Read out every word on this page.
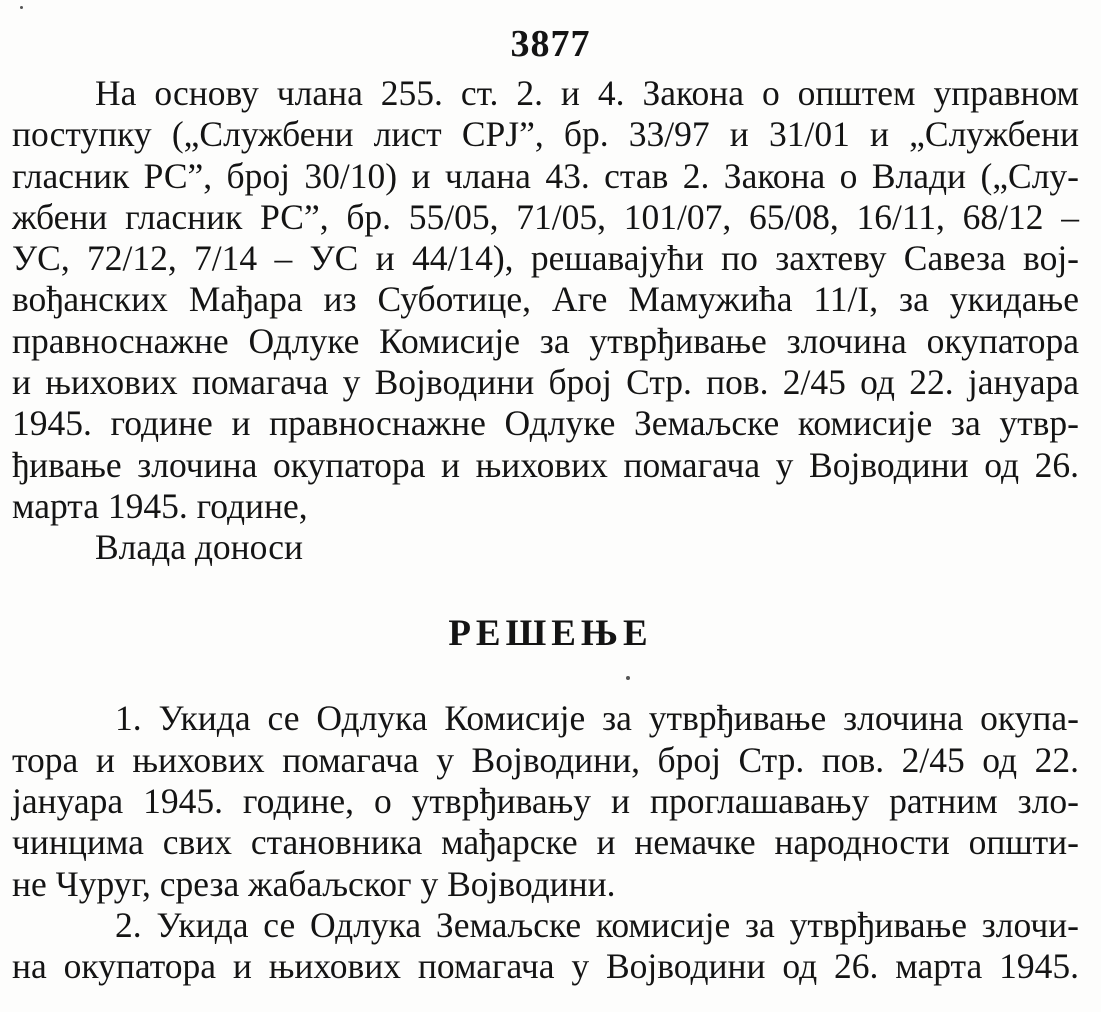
3877

На основу члана 255. ст. 2. и 4. Закона о општем управном

поступку („Службени лист СРЈ”, бр. 33/97 и 31/01 и „Службени

гласник РС”, број 30/10) и члана 43. став 2. Закона о Влади („Слу-

жбени гласник РС”, бр. 55/05, 71/05, 101/07, 65/08, 16/11, 68/12 –

УС, 72/12, 7/14 – УС и 44/14), решавајући по захтеву Савеза вој-

вођанских Мађара из Суботице, Аге Мамужића 11/I, за укидање

правноснажне Одлуке Комисије за утврђивање злочина окупатора

и њихових помагача у Војводини број Стр. пов. 2/45 од 22. јануара

1945. године и правноснажне Одлуке Земаљске комисије за утвр-

ђивање злочина окупатора и њихових помагача у Војводини од 26.

марта 1945. године,

Влада доноси

РЕШЕЊЕ

1. Укида се Одлука Комисије за утврђивање злочина окупа-

тора и њихових помагача у Војводини, број Стр. пов. 2/45 од 22.

јануара 1945. године, о утврђивању и проглашавању ратним зло-

чинцима свих становника мађарске и немачке народности општи-

не Чуруг, среза жабаљског у Војводини.

2. Укида се Одлука Земаљске комисије за утврђивање злочи-

на окупатора и њихових помагача у Војводини од 26. марта 1945.
